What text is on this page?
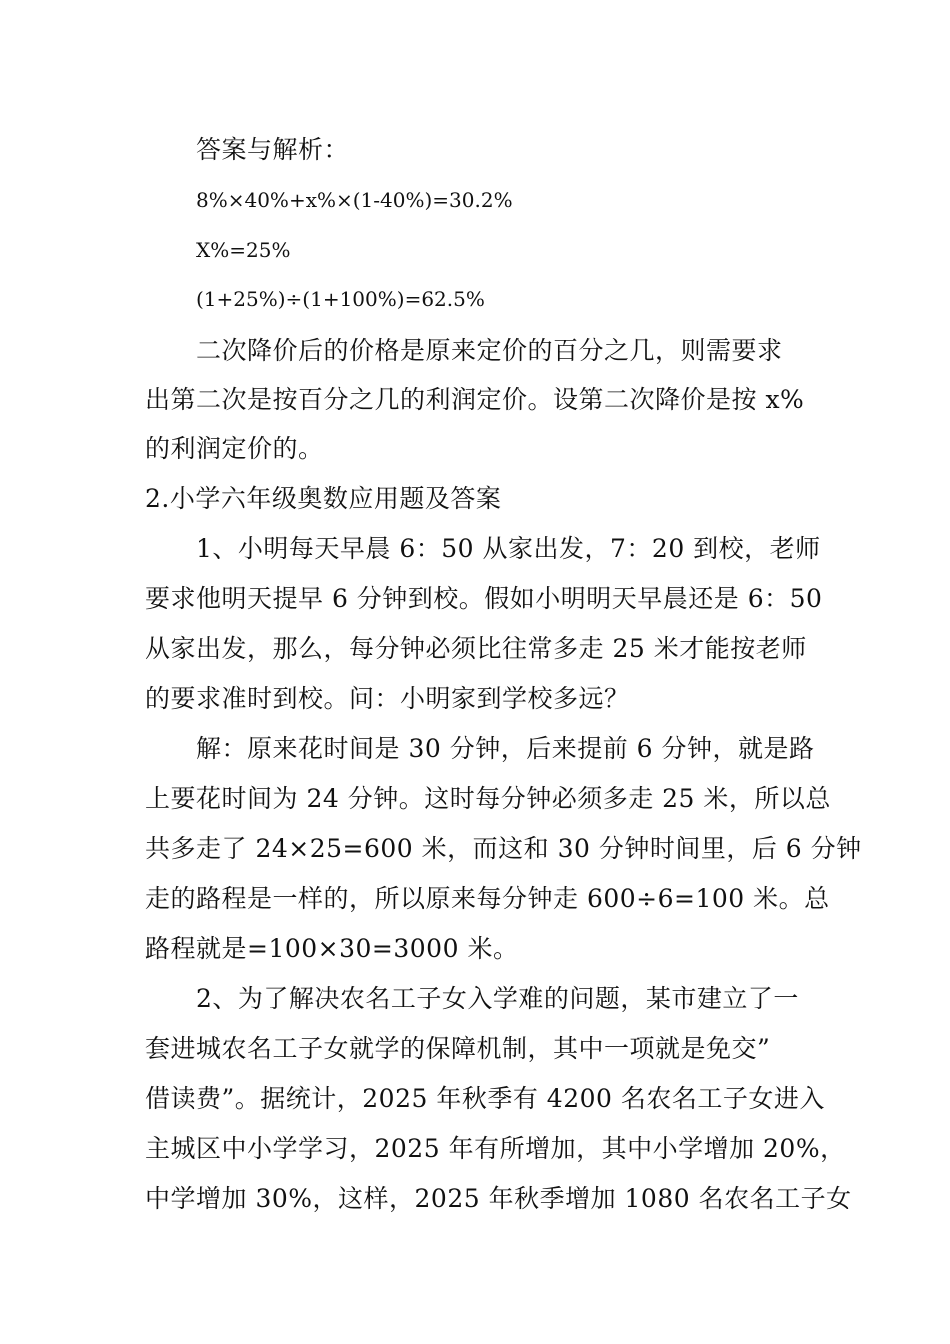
答案与解析：
8%×40%+x%×(1-40%)=30.2%
X%=25%
(1+25%)÷(1+100%)=62.5%
二次降价后的价格是原来定价的百分之几，则需要求
出第二次是按百分之几的利润定价。设第二次降价是按 x%
的利润定价的。
2.小学六年级奥数应用题及答案
1、小明每天早晨 6：50 从家出发，7：20 到校，老师
要求他明天提早 6 分钟到校。假如小明明天早晨还是 6：50
从家出发，那么，每分钟必须比往常多走 25 米才能按老师
的要求准时到校。问：小明家到学校多远？
解：原来花时间是 30 分钟，后来提前 6 分钟，就是路
上要花时间为 24 分钟。这时每分钟必须多走 25 米，所以总
共多走了 24×25=600 米，而这和 30 分钟时间里，后 6 分钟
走的路程是一样的，所以原来每分钟走 600÷6=100 米。总
路程就是=100×30=3000 米。
2、为了解决农名工子女入学难的问题，某市建立了一
套进城农名工子女就学的保障机制，其中一项就是免交”
借读费”。据统计，2025 年秋季有 4200 名农名工子女进入
主城区中小学学习，2025 年有所增加，其中小学增加 20%，
中学增加 30%，这样，2025 年秋季增加 1080 名农名工子女
